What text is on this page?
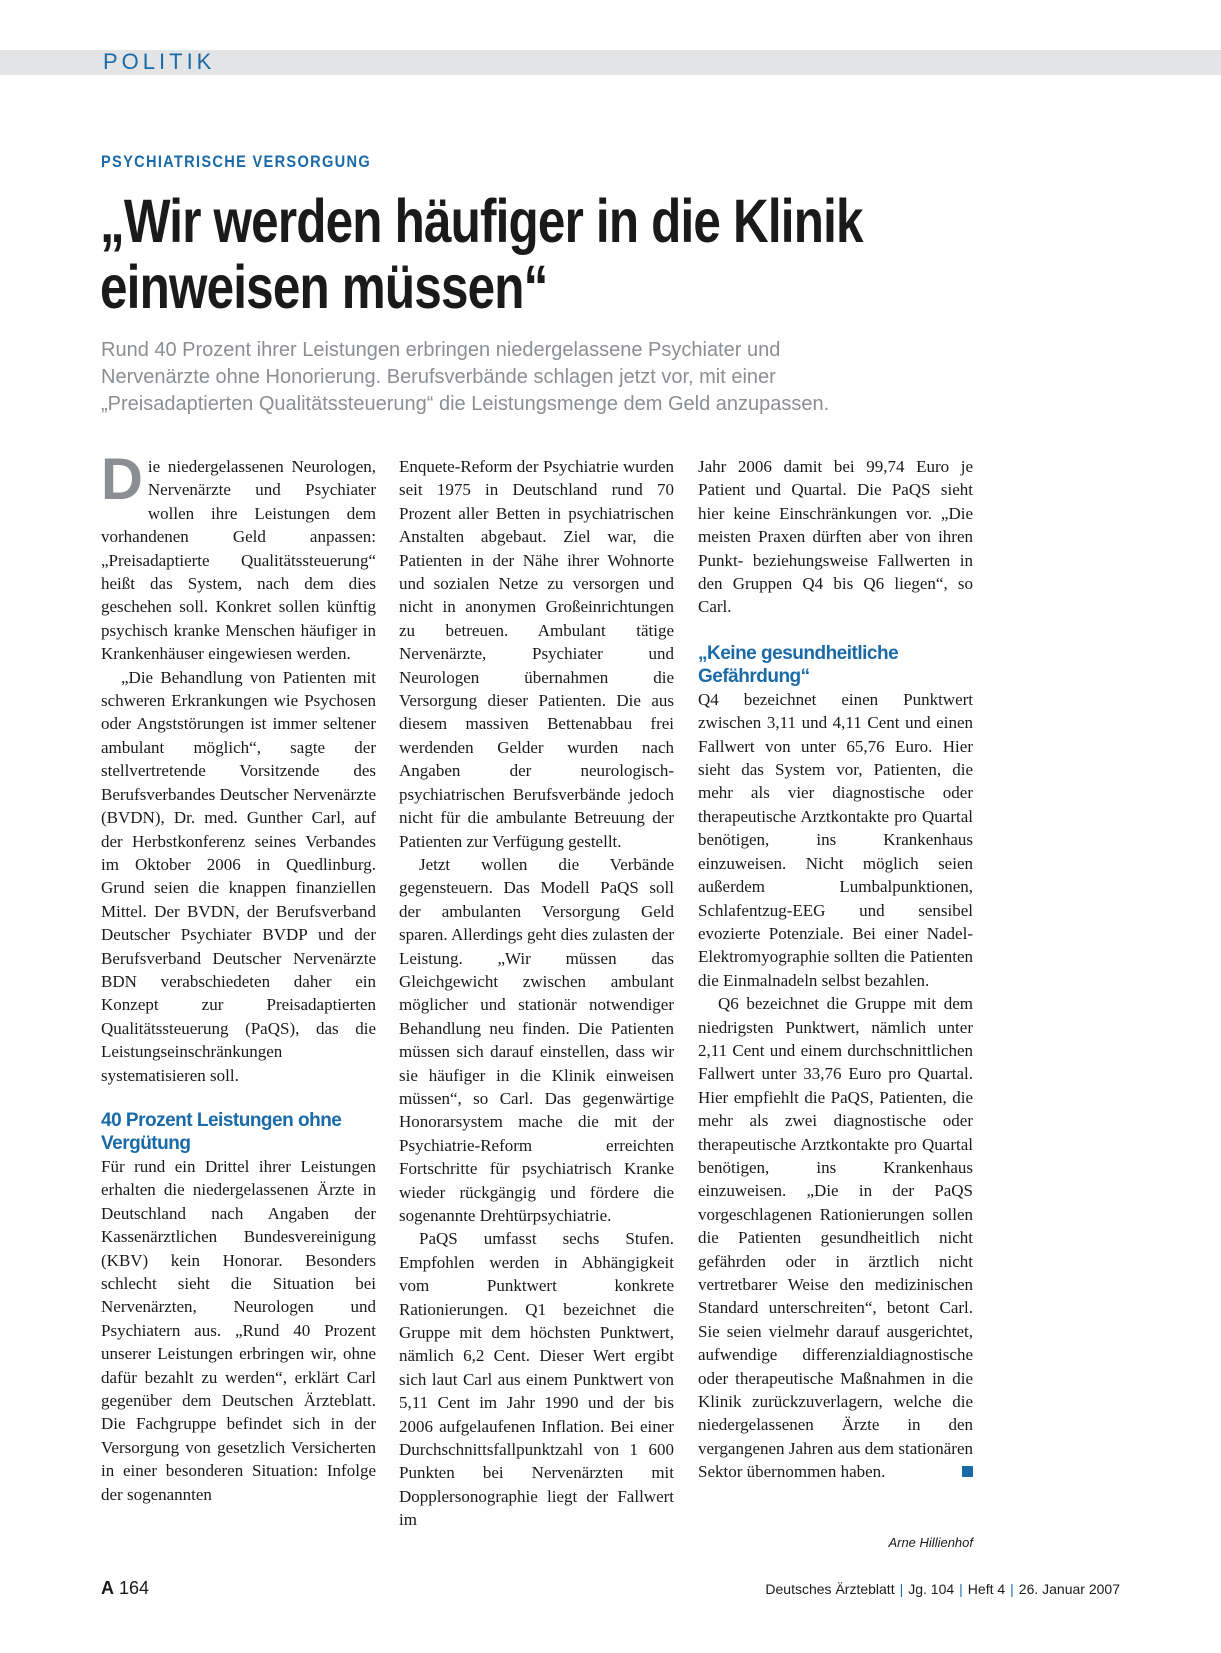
POLITIK
PSYCHIATRISCHE VERSORGUNG
„Wir werden häufiger in die Klinik
einweisen müssen“
Rund 40 Prozent ihrer Leistungen erbringen niedergelassene Psychiater und
Nervenärzte ohne Honorierung. Berufsverbände schlagen jetzt vor, mit einer
„Preisadaptierten Qualitätssteuerung“ die Leistungsmenge dem Geld anzupassen.

Die niedergelassenen Neurologen, Nervenärzte und Psychiater wollen ihre Leistungen dem vorhandenen Geld anpassen: „Preisadaptierte Qualitätssteuerung“ heißt das System, nach dem dies geschehen soll. Konkret sollen künftig psychisch kranke Menschen häufiger in Krankenhäuser eingewiesen werden.

„Die Behandlung von Patienten mit schweren Erkrankungen wie Psychosen oder Angststörungen ist immer seltener ambulant möglich“, sagte der stellvertretende Vorsitzende des Berufsverbandes Deutscher Nervenärzte (BVDN), Dr. med. Gunther Carl, auf der Herbstkonferenz seines Verbandes im Oktober 2006 in Quedlinburg. Grund seien die knappen finanziellen Mittel. Der BVDN, der Berufsverband Deutscher Psychiater BVDP und der Berufsverband Deutscher Nervenärzte BDN verabschiedeten daher ein Konzept zur Preisadaptierten Qualitätssteuerung (PaQS), das die Leistungseinschränkungen systematisieren soll.

40 Prozent Leistungen ohne Vergütung

Für rund ein Drittel ihrer Leistungen erhalten die niedergelassenen Ärzte in Deutschland nach Angaben der Kassenärztlichen Bundesvereinigung (KBV) kein Honorar. Besonders schlecht sieht die Situation bei Nervenärzten, Neurologen und Psychiatern aus. „Rund 40 Prozent unserer Leistungen erbringen wir, ohne dafür bezahlt zu werden“, erklärt Carl gegenüber dem Deutschen Ärzteblatt. Die Fachgruppe befindet sich in der Versorgung von gesetzlich Versicherten in einer besonderen Situation: Infolge der sogenannten

Enquete-Reform der Psychiatrie wurden seit 1975 in Deutschland rund 70 Prozent aller Betten in psychiatrischen Anstalten abgebaut. Ziel war, die Patienten in der Nähe ihrer Wohnorte und sozialen Netze zu versorgen und nicht in anonymen Großeinrichtungen zu betreuen. Ambulant tätige Nervenärzte, Psychiater und Neurologen übernahmen die Versorgung dieser Patienten. Die aus diesem massiven Bettenabbau frei werdenden Gelder wurden nach Angaben der neurologisch-psychiatrischen Berufsverbände jedoch nicht für die ambulante Betreuung der Patienten zur Verfügung gestellt.

Jetzt wollen die Verbände gegensteuern. Das Modell PaQS soll der ambulanten Versorgung Geld sparen. Allerdings geht dies zulasten der Leistung. „Wir müssen das Gleichgewicht zwischen ambulant möglicher und stationär notwendiger Behandlung neu finden. Die Patienten müssen sich darauf einstellen, dass wir sie häufiger in die Klinik einweisen müssen“, so Carl. Das gegenwärtige Honorarsystem mache die mit der Psychiatrie-Reform erreichten Fortschritte für psychiatrisch Kranke wieder rückgängig und fördere die sogenannte Drehtürpsychiatrie.

PaQS umfasst sechs Stufen. Empfohlen werden in Abhängigkeit vom Punktwert konkrete Rationierungen. Q1 bezeichnet die Gruppe mit dem höchsten Punktwert, nämlich 6,2 Cent. Dieser Wert ergibt sich laut Carl aus einem Punktwert von 5,11 Cent im Jahr 1990 und der bis 2006 aufgelaufenen Inflation. Bei einer Durchschnittsfallpunktzahl von 1 600 Punkten bei Nervenärzten mit Dopplersonographie liegt der Fallwert im

Jahr 2006 damit bei 99,74 Euro je Patient und Quartal. Die PaQS sieht hier keine Einschränkungen vor. „Die meisten Praxen dürften aber von ihren Punkt- beziehungsweise Fallwerten in den Gruppen Q4 bis Q6 liegen“, so Carl.

„Keine gesundheitliche Gefährdung“

Q4 bezeichnet einen Punktwert zwischen 3,11 und 4,11 Cent und einen Fallwert von unter 65,76 Euro. Hier sieht das System vor, Patienten, die mehr als vier diagnostische oder therapeutische Arztkontakte pro Quartal benötigen, ins Krankenhaus einzuweisen. Nicht möglich seien außerdem Lumbalpunktionen, Schlafentzug-EEG und sensibel evozierte Potenziale. Bei einer Nadel-Elektromyographie sollten die Patienten die Einmalnadeln selbst bezahlen.

Q6 bezeichnet die Gruppe mit dem niedrigsten Punktwert, nämlich unter 2,11 Cent und einem durchschnittlichen Fallwert unter 33,76 Euro pro Quartal. Hier empfiehlt die PaQS, Patienten, die mehr als zwei diagnostische oder therapeutische Arztkontakte pro Quartal benötigen, ins Krankenhaus einzuweisen. „Die in der PaQS vorgeschlagenen Rationierungen sollen die Patienten gesundheitlich nicht gefährden oder in ärztlich nicht vertretbarer Weise den medizinischen Standard unterschreiten“, betont Carl. Sie seien vielmehr darauf ausgerichtet, aufwendige differenzialdiagnostische oder therapeutische Maßnahmen in die Klinik zurückzuverlagern, welche die niedergelassenen Ärzte in den vergangenen Jahren aus dem stationären Sektor übernommen haben.

Arne Hillienhof
A 164	Deutsches Ärzteblatt | Jg. 104 | Heft 4 | 26. Januar 2007
